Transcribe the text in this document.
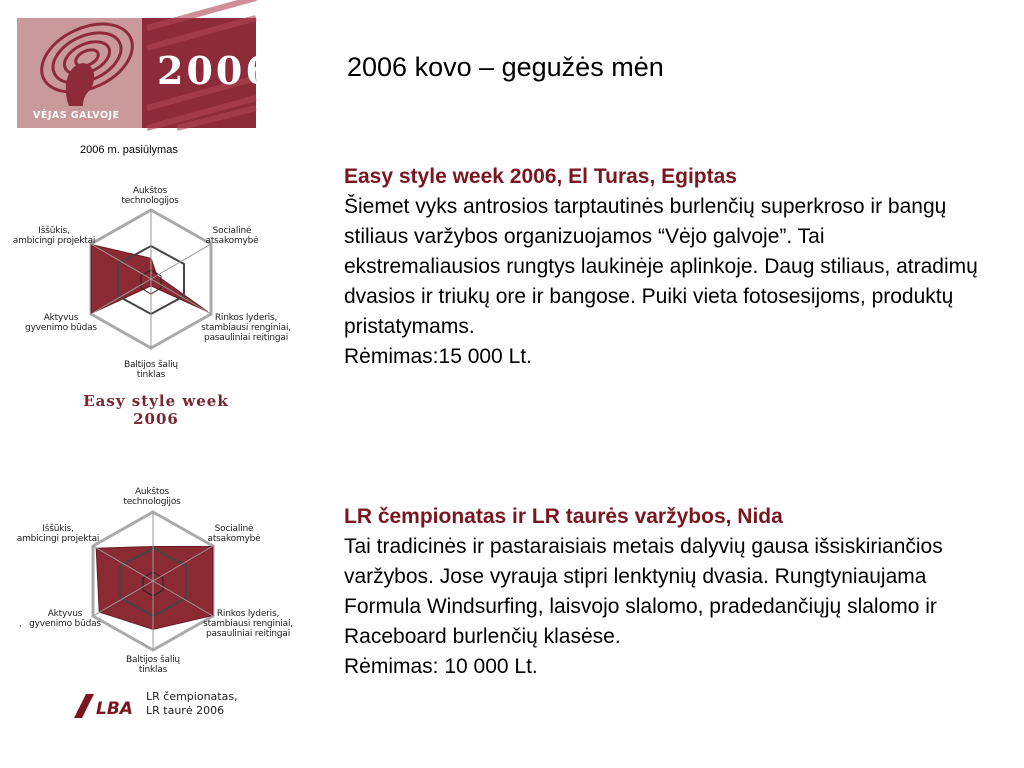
2006
VĖJAS GALVOJE
2006 m. pasiūlymas
2006 kovo – gegužės mėn
Aukštos
technologijos
Socialinė
atsakomybė
Rinkos lyderis,
stambiausi renginiai,
pasauliniai reitingai
Baltijos šalių
tinklas
Aktyvus
gyvenimo būdas
Iššūkis,
ambicingi projektai
Easy style week
2006
Aukštos
technologijos
Socialinė
atsakomybė
Rinkos lyderis,
stambiausi renginiai,
pasauliniai reitingai
Baltijos šalių
tinklas
Aktyvus
gyvenimo būdas
Iššūkis,
ambicingi projektai
,
LBA
LR čempionatas,
LR taurė 2006
Easy style week 2006, El Turas, Egiptas

Šiemet vyks antrosios tarptautinės burlenčių superkroso ir bangų stiliaus varžybos organizuojamos “Vėjo galvoje”. Tai ekstremaliausios rungtys laukinėje aplinkoje. Daug stiliaus, atradimų dvasios ir triukų ore ir bangose. Puiki vieta fotosesijoms, produktų pristatymams.

Rėmimas:15 000 Lt.

LR čempionatas ir LR taurės varžybos, Nida

Tai tradicinės ir pastaraisiais metais dalyvių gausa išsiskiriančios varžybos. Jose vyrauja stipri lenktynių dvasia. Rungtyniaujama Formula Windsurfing, laisvojo slalomo, pradedančiųjų slalomo ir Raceboard burlenčių klasėse.

Rėmimas: 10 000 Lt.
